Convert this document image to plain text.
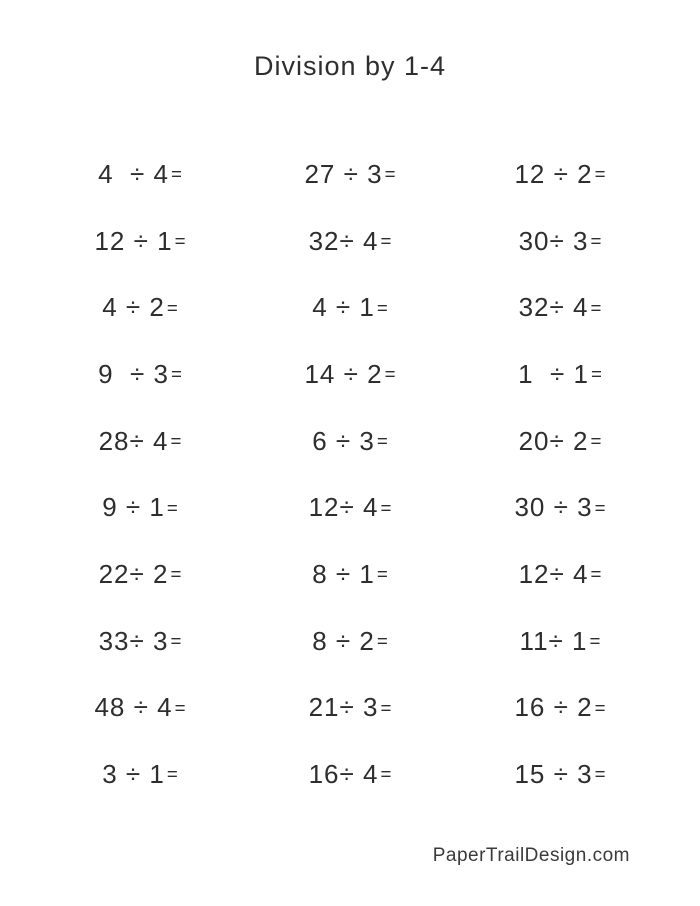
Division by 1-4
4  ÷ 4 =	27 ÷ 3 =	12 ÷ 2 =
12 ÷ 1 =	32÷ 4 =	30÷ 3 =
4 ÷ 2 =	4 ÷ 1 =	32÷ 4 =
9  ÷ 3 =	14 ÷ 2 =	1  ÷ 1 =
28÷ 4 =	6 ÷ 3 =	20÷ 2 =
9 ÷ 1 =	12÷ 4 =	30 ÷ 3 =
22÷ 2 =	8 ÷ 1 =	12÷ 4 =
33÷ 3 =	8 ÷ 2 =	11÷ 1 =
48 ÷ 4 =	21÷ 3 =	16 ÷ 2 =
3 ÷ 1 =	16÷ 4 =	15 ÷ 3 =
PaperTrailDesign.com
